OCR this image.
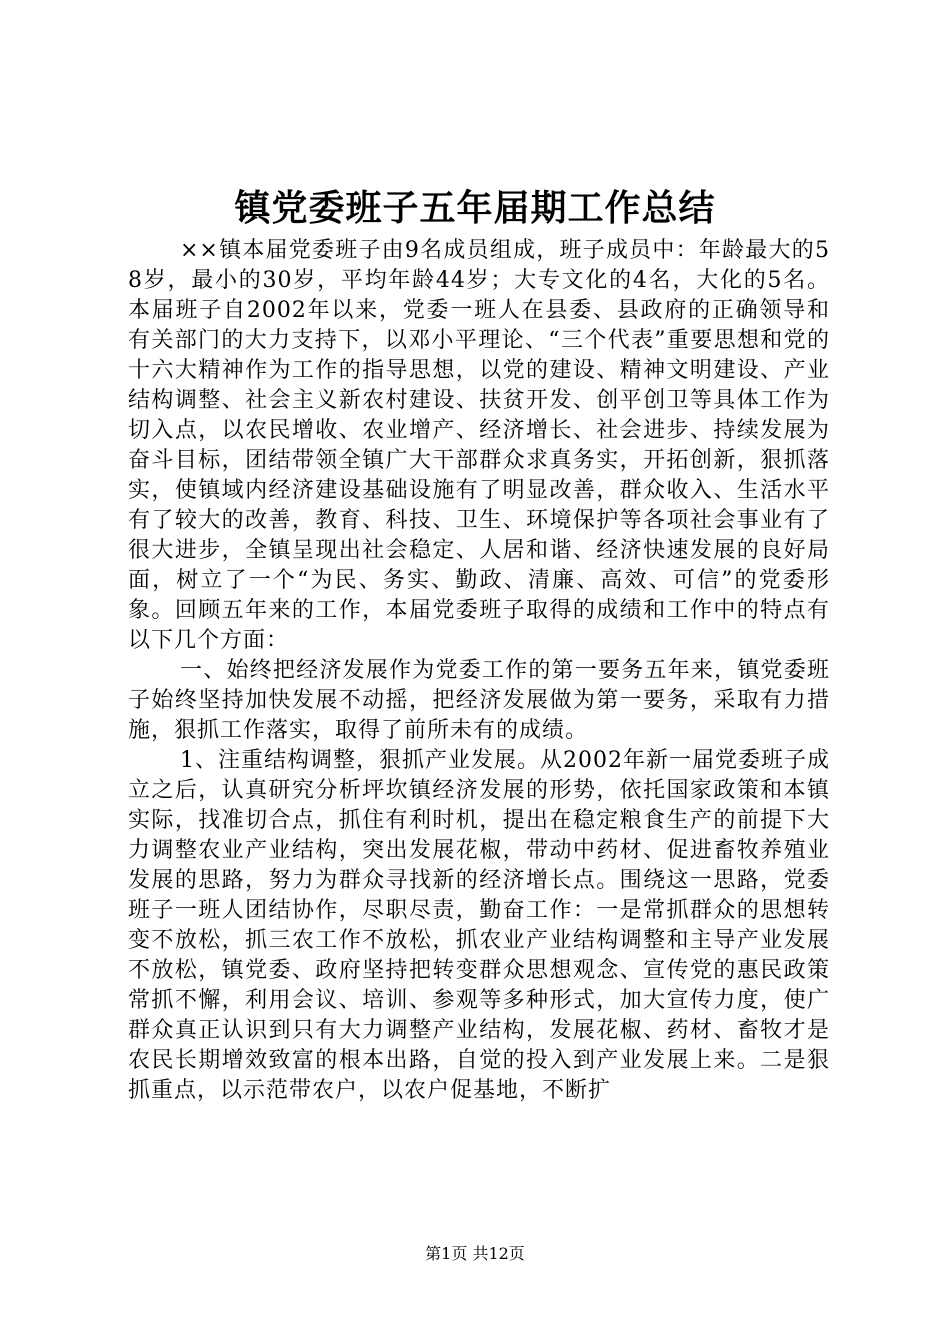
镇党委班子五年届期工作总结

××镇本届党委班子由9名成员组成，班子成员中：年龄最大的58岁，最小的30岁，平均年龄44岁；大专文化的4名，大化的5名。本届班子自2002年以来，党委一班人在县委、县政府的正确领导和有关部门的大力支持下，以邓小平理论、“三个代表”重要思想和党的十六大精神作为工作的指导思想，以党的建设、精神文明建设、产业结构调整、社会主义新农村建设、扶贫开发、创平创卫等具体工作为切入点，以农民增收、农业增产、经济增长、社会进步、持续发展为奋斗目标，团结带领全镇广大干部群众求真务实，开拓创新，狠抓落实，使镇域内经济建设基础设施有了明显改善，群众收入、生活水平有了较大的改善，教育、科技、卫生、环境保护等各项社会事业有了很大进步，全镇呈现出社会稳定、人居和谐、经济快速发展的良好局面，树立了一个“为民、务实、勤政、清廉、高效、可信”的党委形象。回顾五年来的工作，本届党委班子取得的成绩和工作中的特点有以下几个方面：

一、始终把经济发展作为党委工作的第一要务五年来，镇党委班子始终坚持加快发展不动摇，把经济发展做为第一要务，采取有力措施，狠抓工作落实，取得了前所未有的成绩。

1、注重结构调整，狠抓产业发展。从2002年新一届党委班子成立之后，认真研究分析坪坎镇经济发展的形势，依托国家政策和本镇实际，找准切合点，抓住有利时机，提出在稳定粮食生产的前提下大力调整农业产业结构，突出发展花椒，带动中药材、促进畜牧养殖业发展的思路，努力为群众寻找新的经济增长点。围绕这一思路，党委班子一班人团结协作，尽职尽责，勤奋工作：一是常抓群众的思想转变不放松，抓三农工作不放松，抓农业产业结构调整和主导产业发展不放松，镇党委、政府坚持把转变群众思想观念、宣传党的惠民政策常抓不懈，利用会议、培训、参观等多种形式，加大宣传力度，使广群众真正认识到只有大力调整产业结构，发展花椒、药材、畜牧才是农民长期增效致富的根本出路，自觉的投入到产业发展上来。二是狠抓重点，以示范带农户，以农户促基地，不断扩

第1页 共12页
